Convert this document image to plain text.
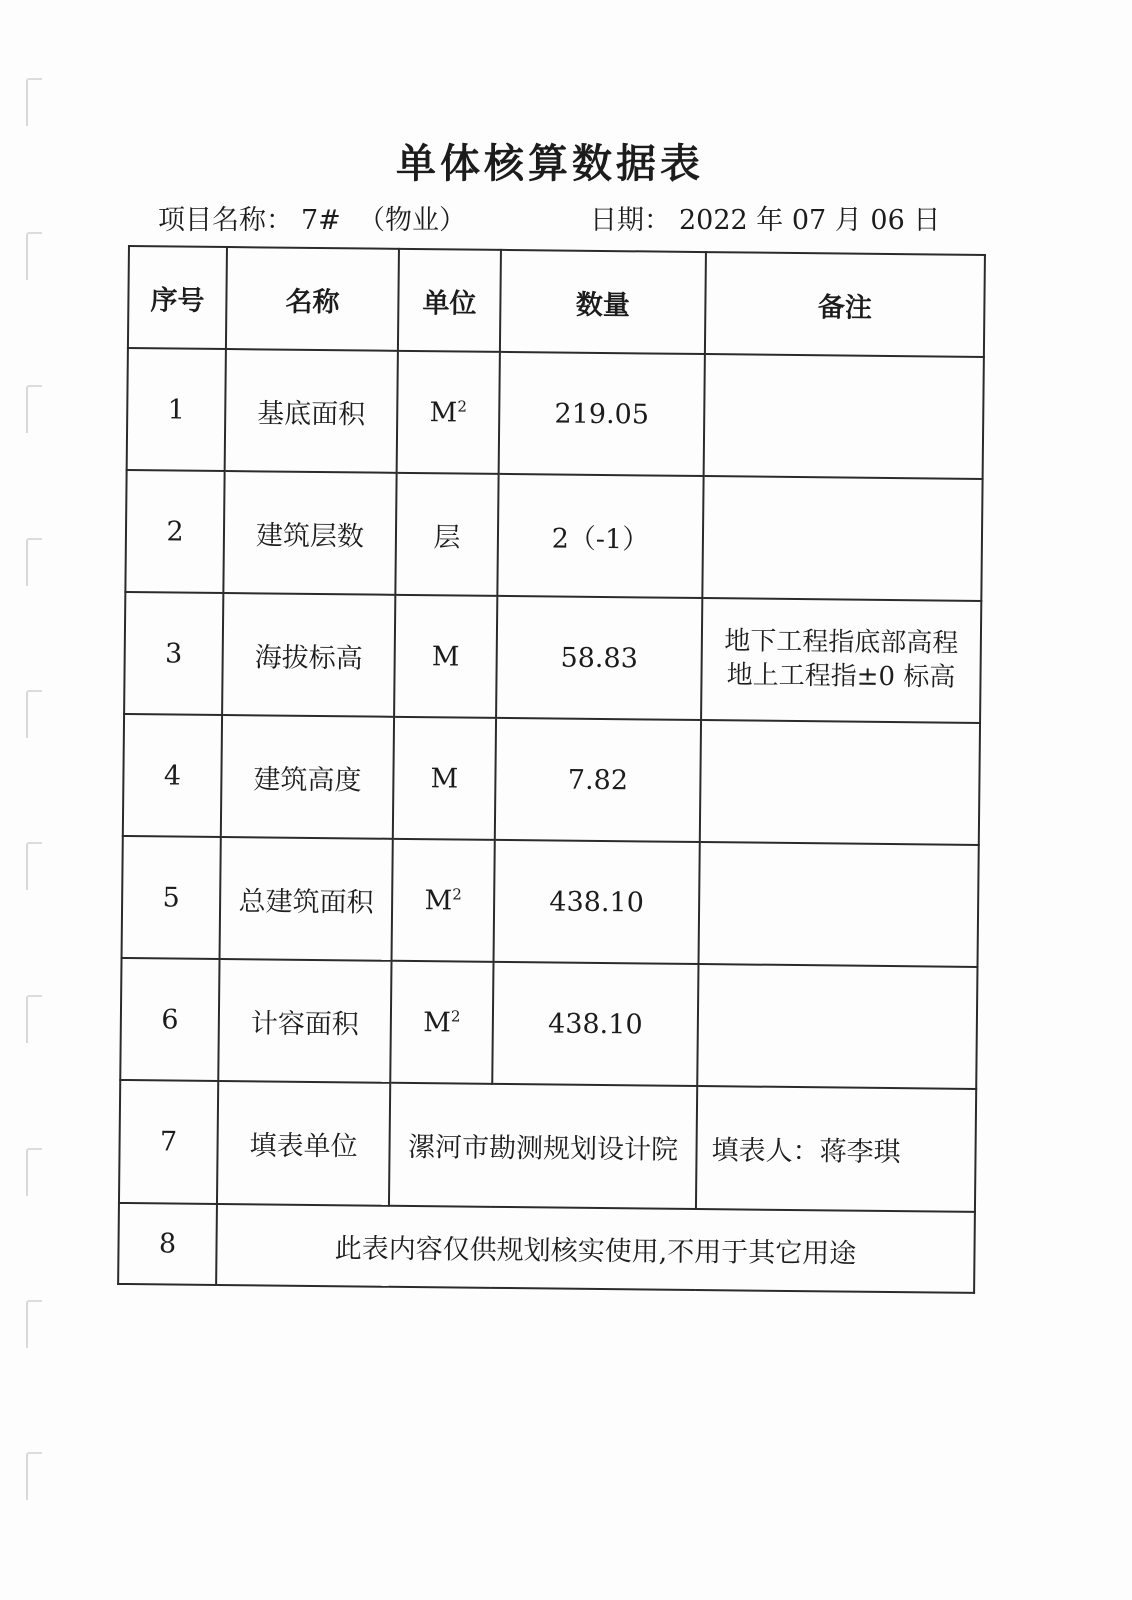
单体核算数据表
项目名称： 7#  （物业）	日期： 2022 年 07 月 06 日
序号	名称	单位	数量	备注
1	基底面积	$M^2$	219.05	
2	建筑层数	层	2（-1）	
3	海拔标高	M	58.83	地下工程指底部高程
地上工程指±0 标高

4	建筑高度	M	7.82	
5	总建筑面积	$M^2$	438.10	
6	计容面积	$M^2$	438.10	
7	填表单位	漯河市勘测规划设计院		填表人：蒋李琪
8	此表内容仅供规划核实使用,不用于其它用途			
